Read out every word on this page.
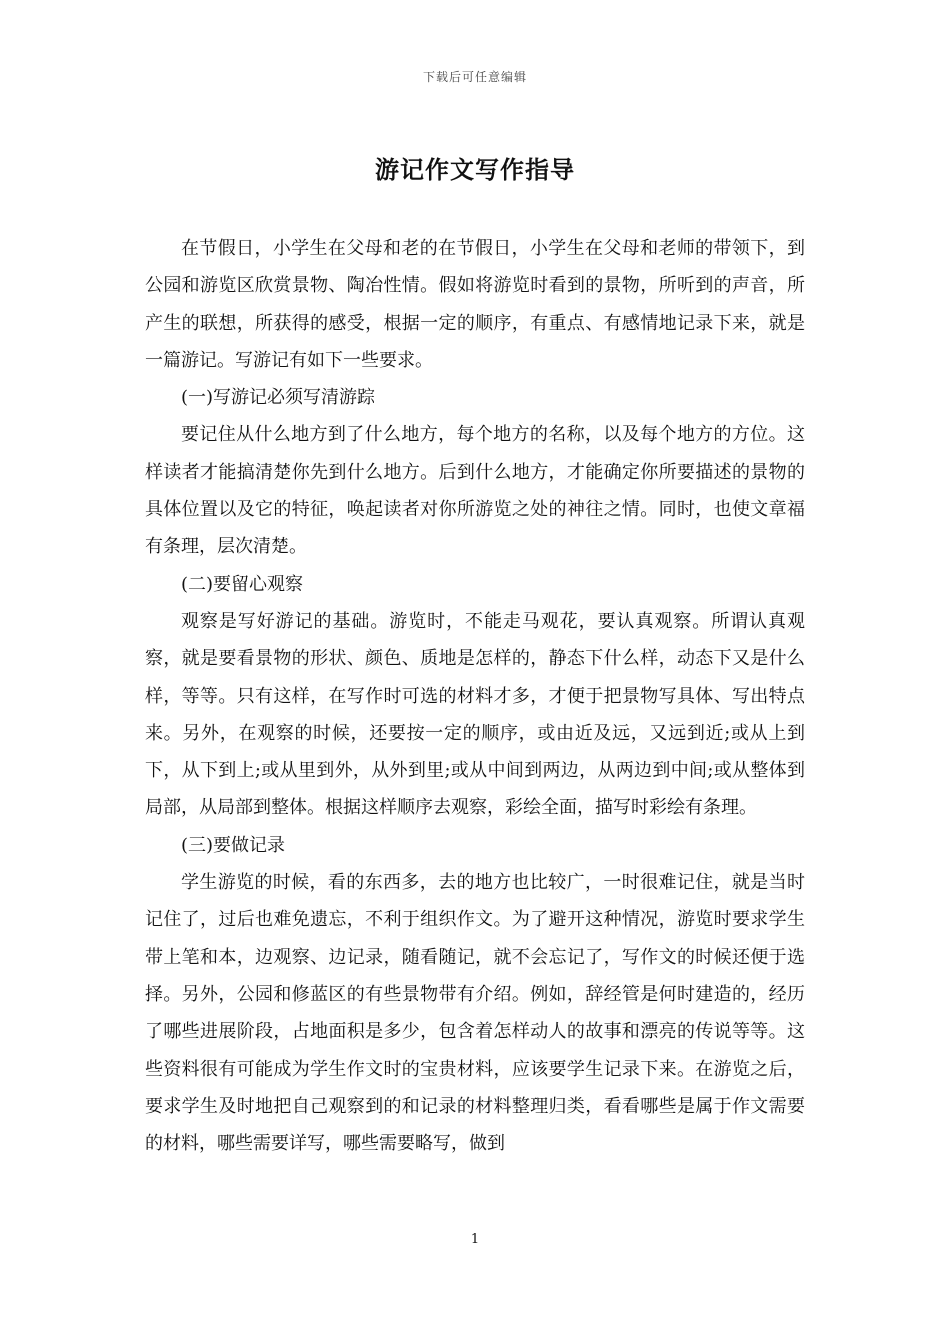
下载后可任意编辑
游记作文写作指导

在节假日，小学生在父母和老的在节假日，小学生在父母和老师的带领下，到公园和游览区欣赏景物、陶冶性情。假如将游览时看到的景物，所听到的声音，所产生的联想，所获得的感受，根据一定的顺序，有重点、有感情地记录下来，就是一篇游记。写游记有如下一些要求。

(一)写游记必须写清游踪

要记住从什么地方到了什么地方，每个地方的名称，以及每个地方的方位。这样读者才能搞清楚你先到什么地方。后到什么地方，才能确定你所要描述的景物的具体位置以及它的特征，唤起读者对你所游览之处的神往之情。同时，也使文章福有条理，层次清楚。

(二)要留心观察

观察是写好游记的基础。游览时，不能走马观花，要认真观察。所谓认真观察，就是要看景物的形状、颜色、质地是怎样的，静态下什么样，动态下又是什么样，等等。只有这样，在写作时可选的材料才多，才便于把景物写具体、写出特点来。另外，在观察的时候，还要按一定的顺序，或由近及远，又远到近;或从上到下，从下到上;或从里到外，从外到里;或从中间到两边，从两边到中间;或从整体到局部，从局部到整体。根据这样顺序去观察，彩绘全面，描写时彩绘有条理。

(三)要做记录

学生游览的时候，看的东西多，去的地方也比较广，一时很难记住，就是当时记住了，过后也难免遗忘，不利于组织作文。为了避开这种情况，游览时要求学生带上笔和本，边观察、边记录，随看随记，就不会忘记了，写作文的时候还便于选择。另外，公园和修蓝区的有些景物带有介绍。例如，辞经管是何时建造的，经历了哪些进展阶段，占地面积是多少，包含着怎样动人的故事和漂亮的传说等等。这些资料很有可能成为学生作文时的宝贵材料，应该要学生记录下来。在游览之后，要求学生及时地把自己观察到的和记录的材料整理归类，看看哪些是属于作文需要的材料，哪些需要详写，哪些需要略写，做到

1
